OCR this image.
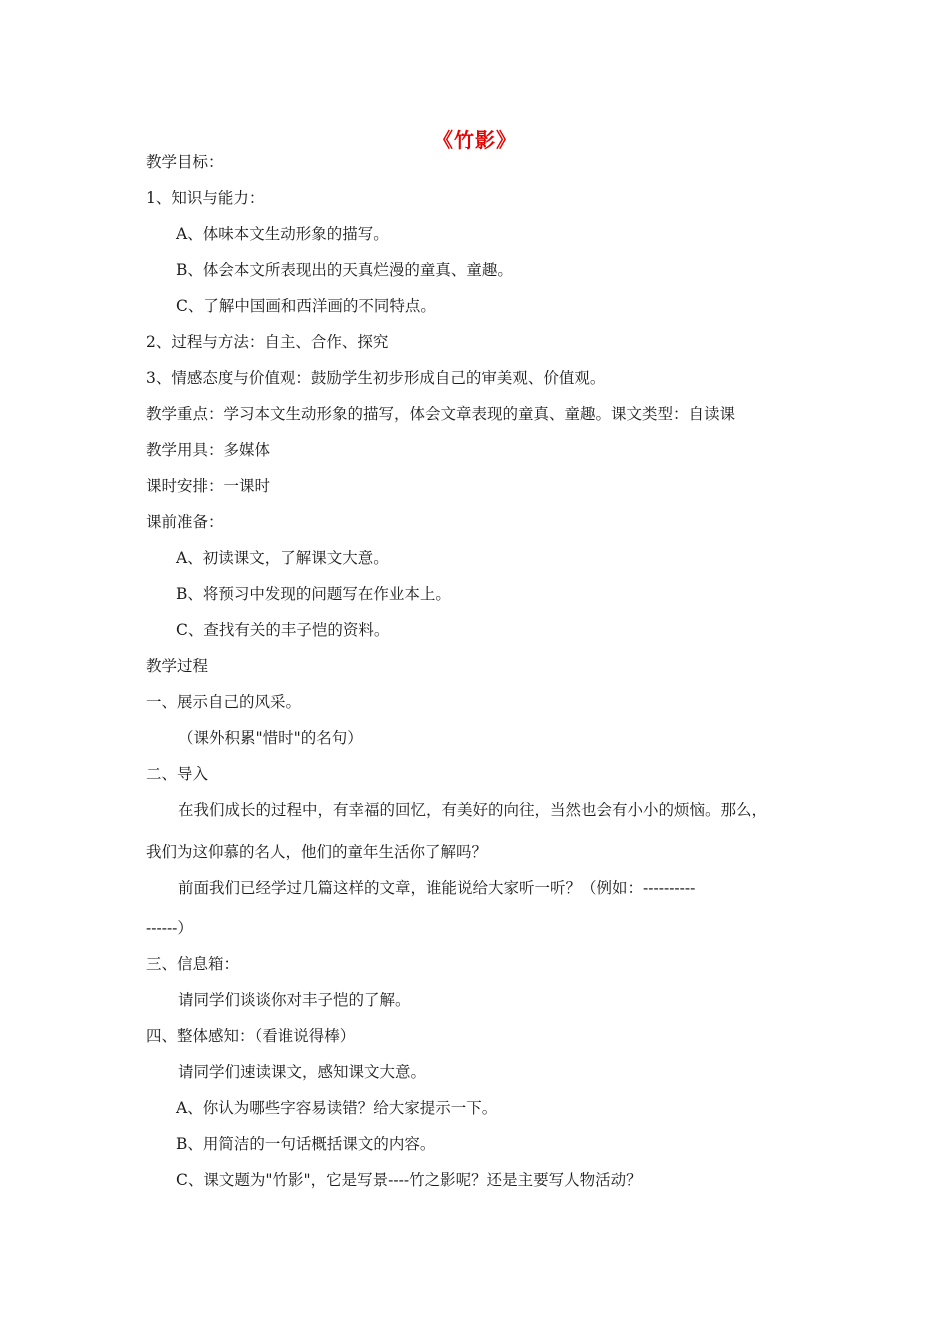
《竹影》
教学目标：
1、知识与能力：
A、体味本文生动形象的描写。
B、体会本文所表现出的天真烂漫的童真、童趣。
C、了解中国画和西洋画的不同特点。
2、过程与方法：自主、合作、探究
3、情感态度与价值观：鼓励学生初步形成自己的审美观、价值观。
教学重点：学习本文生动形象的描写，体会文章表现的童真、童趣。课文类型：自读课
教学用具：多媒体
课时安排：一课时
课前准备：
A、初读课文，了解课文大意。
B、将预习中发现的问题写在作业本上。
C、查找有关的丰子恺的资料。
教学过程
一、展示自己的风采。
（课外积累"惜时"的名句）
二、导入
在我们成长的过程中，有幸福的回忆，有美好的向往，当然也会有小小的烦恼。那么，
我们为这仰慕的名人，他们的童年生活你了解吗？
前面我们已经学过几篇这样的文章，谁能说给大家听一听？（例如：----------
------）
三、信息箱：
请同学们谈谈你对丰子恺的了解。
四、整体感知：（看谁说得棒）
请同学们速读课文，感知课文大意。
A、你认为哪些字容易读错？给大家提示一下。
B、用简洁的一句话概括课文的内容。
C、课文题为"竹影"，它是写景----竹之影呢？还是主要写人物活动？
